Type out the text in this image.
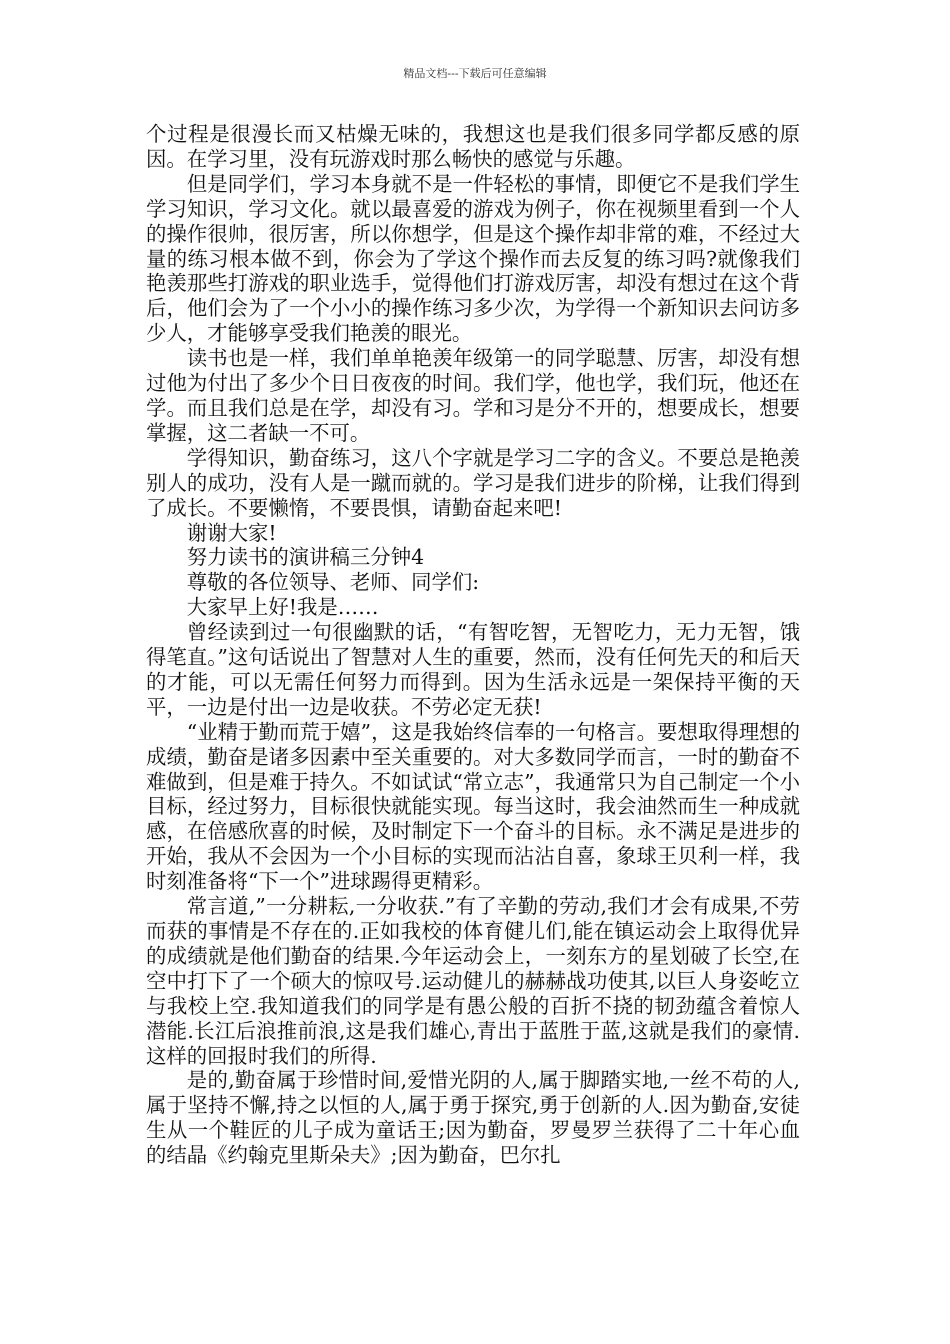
精品文档---下载后可任意编辑

个过程是很漫长而又枯燥无味的，我想这也是我们很多同学都反感的原因。在学习里，没有玩游戏时那么畅快的感觉与乐趣。

但是同学们，学习本身就不是一件轻松的事情，即便它不是我们学生学习知识，学习文化。就以最喜爱的游戏为例子，你在视频里看到一个人的操作很帅，很厉害，所以你想学，但是这个操作却非常的难，不经过大量的练习根本做不到，你会为了学这个操作而去反复的练习吗?就像我们艳羡那些打游戏的职业选手，觉得他们打游戏厉害，却没有想过在这个背后，他们会为了一个小小的操作练习多少次，为学得一个新知识去问访多少人，才能够享受我们艳羡的眼光。

读书也是一样，我们单单艳羡年级第一的同学聪慧、厉害，却没有想过他为付出了多少个日日夜夜的时间。我们学，他也学，我们玩，他还在学。而且我们总是在学，却没有习。学和习是分不开的，想要成长，想要掌握，这二者缺一不可。

学得知识，勤奋练习，这八个字就是学习二字的含义。不要总是艳羡别人的成功，没有人是一蹴而就的。学习是我们进步的阶梯，让我们得到了成长。不要懒惰，不要畏惧，请勤奋起来吧!

谢谢大家!

努力读书的演讲稿三分钟4

尊敬的各位领导、老师、同学们:

大家早上好!我是……

曾经读到过一句很幽默的话，“有智吃智，无智吃力，无力无智，饿得笔直。”这句话说出了智慧对人生的重要，然而，没有任何先天的和后天的才能，可以无需任何努力而得到。因为生活永远是一架保持平衡的天平，一边是付出一边是收获。不劳必定无获!

“业精于勤而荒于嬉”，这是我始终信奉的一句格言。要想取得理想的成绩，勤奋是诸多因素中至关重要的。对大多数同学而言，一时的勤奋不难做到，但是难于持久。不如试试“常立志”，我通常只为自己制定一个小目标，经过努力，目标很快就能实现。每当这时，我会油然而生一种成就感，在倍感欣喜的时候，及时制定下一个奋斗的目标。永不满足是进步的开始，我从不会因为一个小目标的实现而沾沾自喜，象球王贝利一样，我时刻准备将“下一个”进球踢得更精彩。

常言道,”一分耕耘,一分收获.”有了辛勤的劳动,我们才会有成果,不劳而获的事情是不存在的.正如我校的体育健儿们,能在镇运动会上取得优异的成绩就是他们勤奋的结果.今年运动会上，一刻东方的星划破了长空,在空中打下了一个硕大的惊叹号.运动健儿的赫赫战功使其,以巨人身姿屹立与我校上空.我知道我们的同学是有愚公般的百折不挠的韧劲蕴含着惊人潜能.长江后浪推前浪,这是我们雄心,青出于蓝胜于蓝,这就是我们的豪情.这样的回报时我们的所得.

是的,勤奋属于珍惜时间,爱惜光阴的人,属于脚踏实地,一丝不苟的人,属于坚持不懈,持之以恒的人,属于勇于探究,勇于创新的人.因为勤奋,安徒生从一个鞋匠的儿子成为童话王;因为勤奋，罗曼罗兰获得了二十年心血的结晶《约翰克里斯朵夫》;因为勤奋，巴尔扎
